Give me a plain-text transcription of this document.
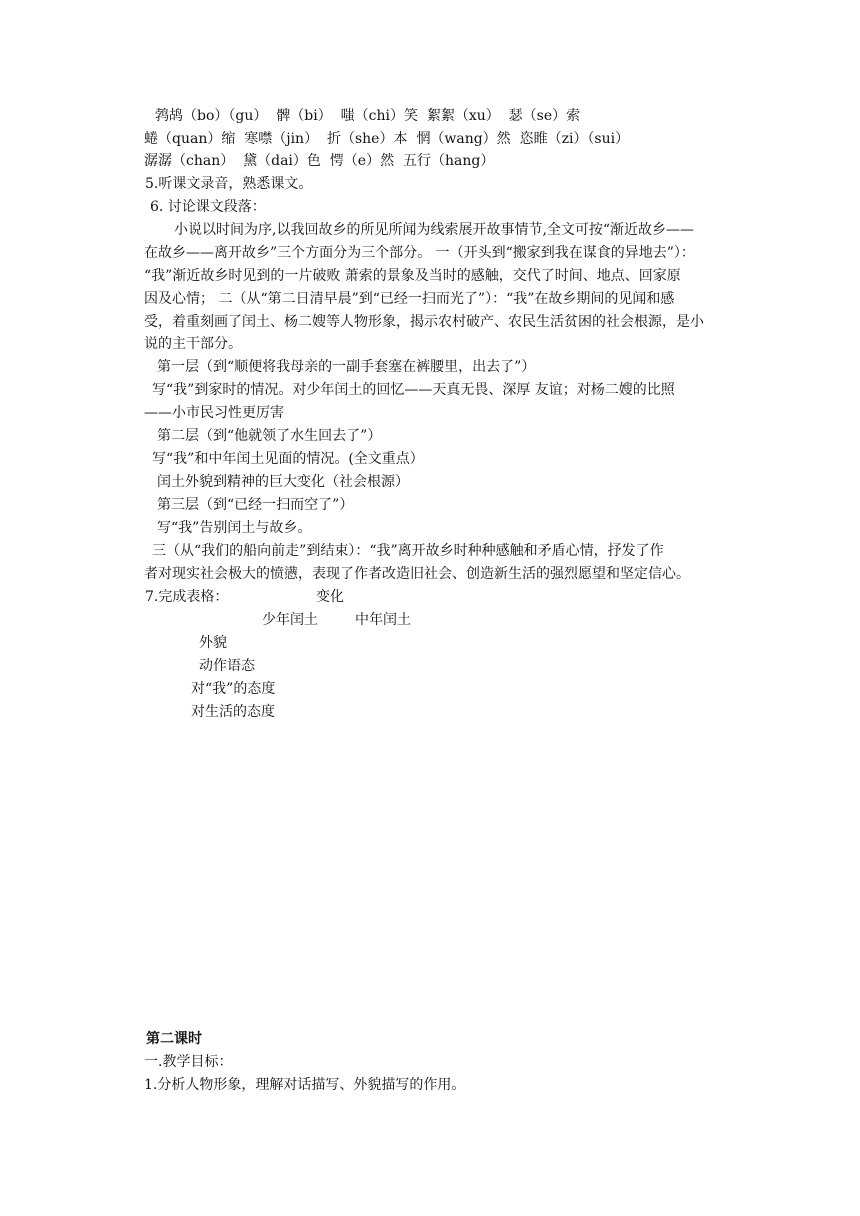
鹁鸪（bo）（gu）  髀（bi）  嗤（chi）笑  絮絮（xu）  瑟（se）索
蜷（quan）缩  寒噤（jin）  折（she）本  惘（wang）然  恣睢（zi）（sui）
潺潺（chan）  黛（dai）色  愕（e）然  五行（hang）
5.听课文录音，熟悉课文。
6. 讨论课文段落：
小说以时间为序,以我回故乡的所见所闻为线索展开故事情节,全文可按“渐近故乡——
在故乡——离开故乡”三个方面分为三个部分。 一（开头到“搬家到我在谋食的异地去”）：
“我”渐近故乡时见到的一片破败 萧索的景象及当时的感触，交代了时间、地点、回家原
因及心情； 二（从“第二日清早晨”到“已经一扫而光了”）：“我”在故乡期间的见闻和感
受，着重刻画了闰土、杨二嫂等人物形象，揭示农村破产、农民生活贫困的社会根源，是小
说的主干部分。
第一层（到“顺便将我母亲的一副手套塞在裤腰里，出去了”）
写“我”到家时的情况。对少年闰土的回忆——天真无畏、深厚 友谊；对杨二嫂的比照
——小市民习性更厉害
第二层（到“他就领了水生回去了”）
写“我”和中年闰土见面的情况。(全文重点）
闰土外貌到精神的巨大变化（社会根源）
第三层（到“已经一扫而空了”）
写“我”告别闰土与故乡。
三（从“我们的船向前走”到结束）：“我”离开故乡时种种感触和矛盾心情，抒发了作
者对现实社会极大的愤懑，表现了作者改造旧社会、创造新生活的强烈愿望和坚定信心。
7.完成表格：	变化
少年闰土	中年闰土
外貌
动作语态
对“我”的态度
对生活的态度
第二课时
一.教学目标：
1.分析人物形象，理解对话描写、外貌描写的作用。
